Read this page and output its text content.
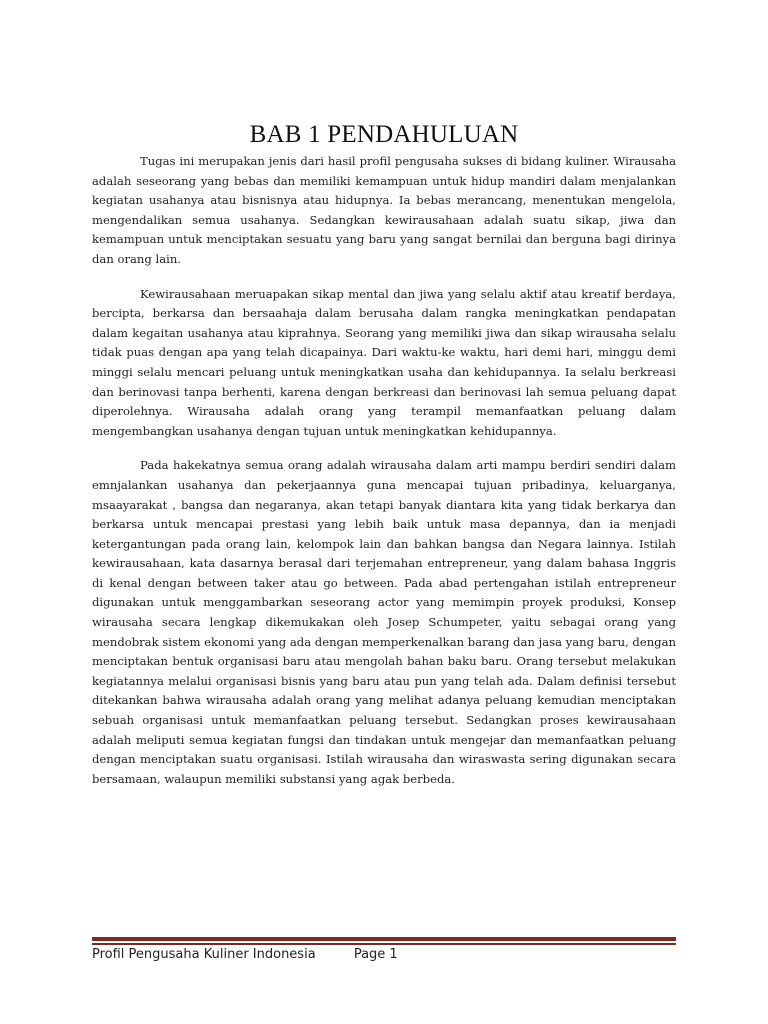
BAB 1 PENDAHULUAN

Tugas ini merupakan jenis dari hasil profil pengusaha sukses di bidang kuliner. Wirausaha adalah seseorang yang bebas dan memiliki kemampuan untuk hidup mandiri dalam menjalankan kegiatan usahanya atau bisnisnya atau hidupnya. Ia bebas merancang, menentukan mengelola, mengendalikan semua usahanya. Sedangkan kewirausahaan adalah suatu sikap, jiwa dan kemampuan untuk menciptakan sesuatu yang baru yang sangat bernilai dan berguna bagi dirinya dan orang lain.

Kewirausahaan meruapakan sikap mental dan jiwa yang selalu aktif atau kreatif berdaya, bercipta, berkarsa dan bersaahaja dalam berusaha dalam rangka meningkatkan pendapatan dalam kegaitan usahanya atau kiprahnya. Seorang yang memiliki jiwa dan sikap wirausaha selalu tidak puas dengan apa yang telah dicapainya. Dari waktu-ke waktu, hari demi hari, minggu demi minggi selalu mencari peluang untuk meningkatkan usaha dan kehidupannya. Ia selalu berkreasi dan berinovasi tanpa berhenti, karena dengan berkreasi dan berinovasi lah semua peluang dapat diperolehnya. Wirausaha adalah orang yang terampil memanfaatkan peluang dalam mengembangkan usahanya dengan tujuan untuk meningkatkan kehidupannya.

Pada hakekatnya semua orang adalah wirausaha dalam arti mampu berdiri sendiri dalam emnjalankan usahanya dan pekerjaannya guna mencapai tujuan pribadinya, keluarganya, msaayarakat , bangsa dan negaranya, akan tetapi banyak diantara kita yang tidak berkarya dan berkarsa untuk mencapai prestasi yang lebih baik untuk masa depannya, dan ia menjadi ketergantungan pada orang lain, kelompok lain dan bahkan bangsa dan Negara lainnya. Istilah kewirausahaan, kata dasarnya berasal dari terjemahan entrepreneur, yang dalam bahasa Inggris di kenal dengan between taker atau go between. Pada abad pertengahan istilah entrepreneur digunakan untuk menggambarkan seseorang actor yang memimpin proyek produksi, Konsep wirausaha secara lengkap dikemukakan oleh Josep Schumpeter, yaitu sebagai orang yang mendobrak sistem ekonomi yang ada dengan memperkenalkan barang dan jasa yang baru, dengan menciptakan bentuk organisasi baru atau mengolah bahan baku baru. Orang tersebut melakukan kegiatannya melalui organisasi bisnis yang baru atau pun yang telah ada. Dalam definisi tersebut ditekankan bahwa wirausaha adalah orang yang melihat adanya peluang kemudian menciptakan sebuah organisasi untuk memanfaatkan peluang tersebut. Sedangkan proses kewirausahaan adalah meliputi semua kegiatan fungsi dan tindakan untuk mengejar dan memanfaatkan peluang dengan menciptakan suatu organisasi. Istilah wirausaha dan wiraswasta sering digunakan secara bersamaan, walaupun memiliki substansi yang agak berbeda.

Profil Pengusaha Kuliner Indonesia	Page 1
